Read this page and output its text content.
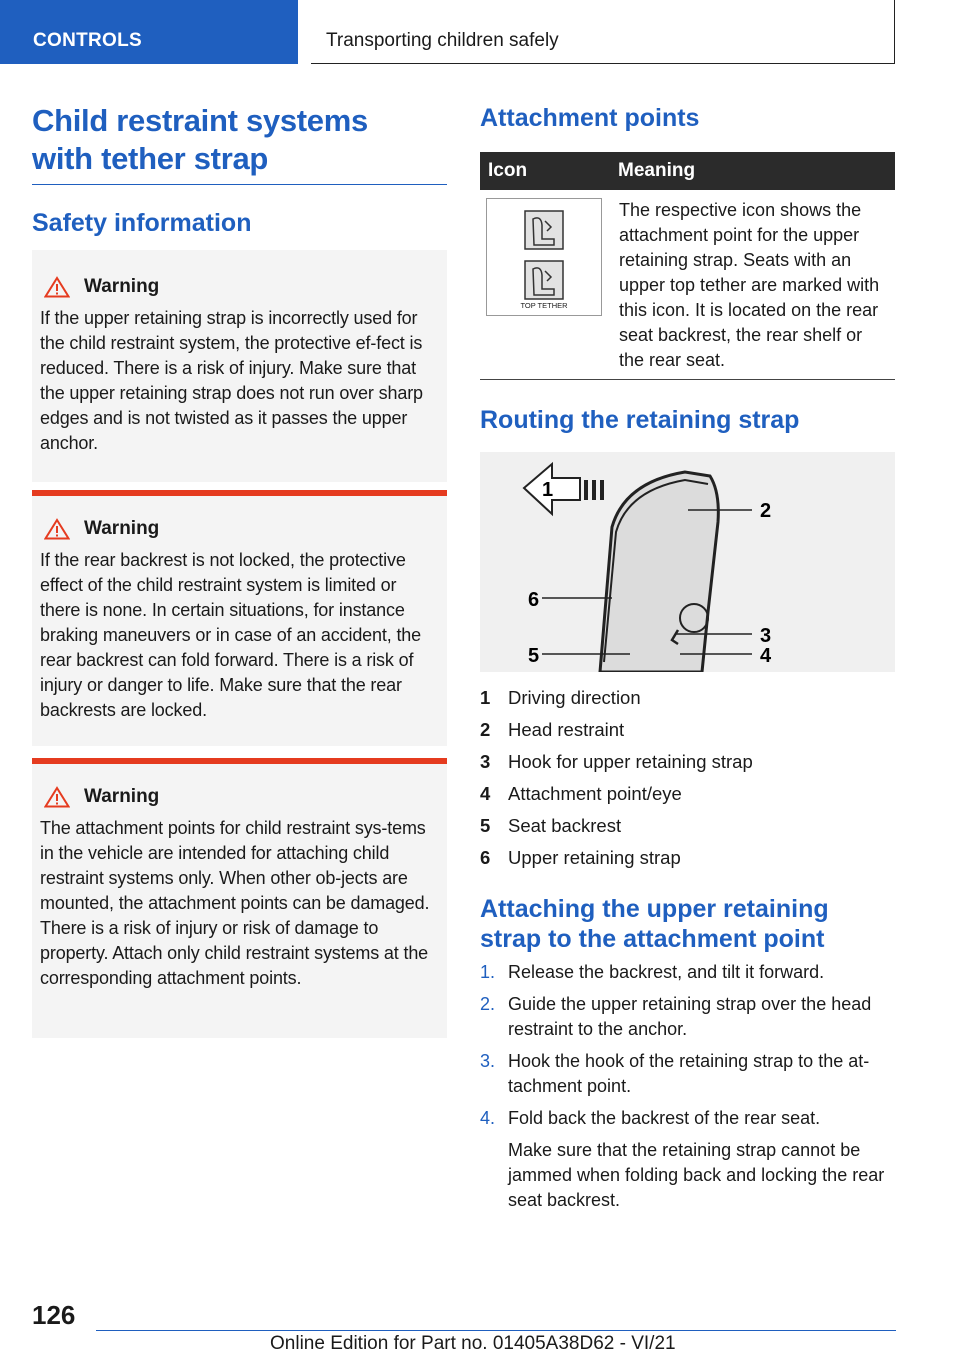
CONTROLS	Transporting children safely
Child restraint systems with tether strap
Safety information
Warning
If the upper retaining strap is incorrectly used for the child restraint system, the protective ef‐fect is reduced. There is a risk of injury. Make sure that the upper retaining strap does not run over sharp edges and is not twisted as it passes the upper anchor.
Warning
If the rear backrest is not locked, the protective effect of the child restraint system is limited or there is none. In certain situations, for instance braking maneuvers or in case of an accident, the rear backrest can fold forward. There is a risk of injury or danger to life. Make sure that the rear backrests are locked.
Warning
The attachment points for child restraint sys‐tems in the vehicle are intended for attaching child restraint systems only. When other ob‐jects are mounted, the attachment points can be damaged. There is a risk of injury or risk of damage to property. Attach only child restraint systems at the corresponding attachment points.
Attachment points
Icon	Meaning

TOP TETHER	The respective icon shows the attachment point for the upper retaining strap. Seats with an upper top tether are marked with this icon. It is located on the rear seat backrest, the rear shelf or the rear seat.
Routing the retaining strap
1
2
6
3
4
5
1 Driving direction
2 Head restraint
3 Hook for upper retaining strap
4 Attachment point/eye
5 Seat backrest
6 Upper retaining strap
Attaching the upper retaining strap to the attachment point
1. Release the backrest, and tilt it forward.
2. Guide the upper retaining strap over the head restraint to the anchor.
3. Hook the hook of the retaining strap to the at‐tachment point.
4. Fold back the backrest of the rear seat.
Make sure that the retaining strap cannot be jammed when folding back and locking the rear seat backrest.
126
Online Edition for Part no. 01405A38D62 - VI/21
